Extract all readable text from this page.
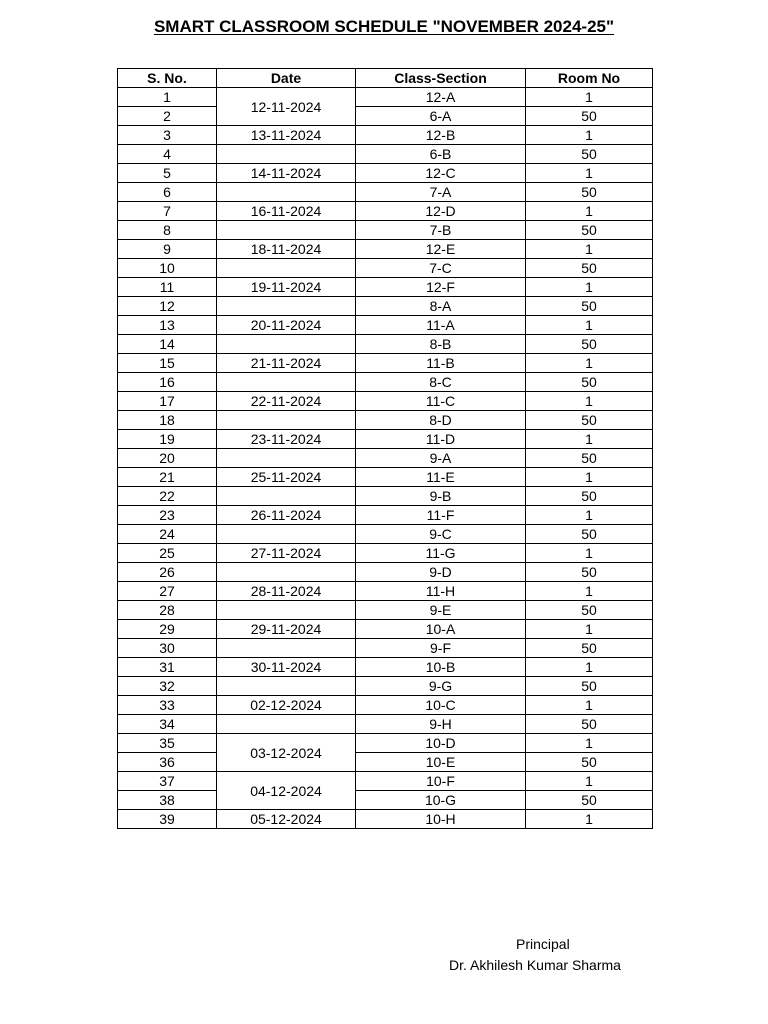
SMART CLASSROOM SCHEDULE "NOVEMBER 2024-25"
S. No.	Date	Class-Section	Room No
1	12-11-2024	12-A	1
2		6-A	50
3	13-11-2024	12-B	1
4		6-B	50
5	14-11-2024	12-C	1
6		7-A	50
7	16-11-2024	12-D	1
8		7-B	50
9	18-11-2024	12-E	1
10		7-C	50
11	19-11-2024	12-F	1
12		8-A	50
13	20-11-2024	11-A	1
14		8-B	50
15	21-11-2024	11-B	1
16		8-C	50
17	22-11-2024	11-C	1
18		8-D	50
19	23-11-2024	11-D	1
20		9-A	50
21	25-11-2024	11-E	1
22		9-B	50
23	26-11-2024	11-F	1
24		9-C	50
25	27-11-2024	11-G	1
26		9-D	50
27	28-11-2024	11-H	1
28		9-E	50
29	29-11-2024	10-A	1
30		9-F	50
31	30-11-2024	10-B	1
32		9-G	50
33	02-12-2024	10-C	1
34		9-H	50
35	03-12-2024	10-D	1
36		10-E	50
37	04-12-2024	10-F	1
38		10-G	50
39	05-12-2024	10-H	1
Principal
Dr. Akhilesh Kumar Sharma
